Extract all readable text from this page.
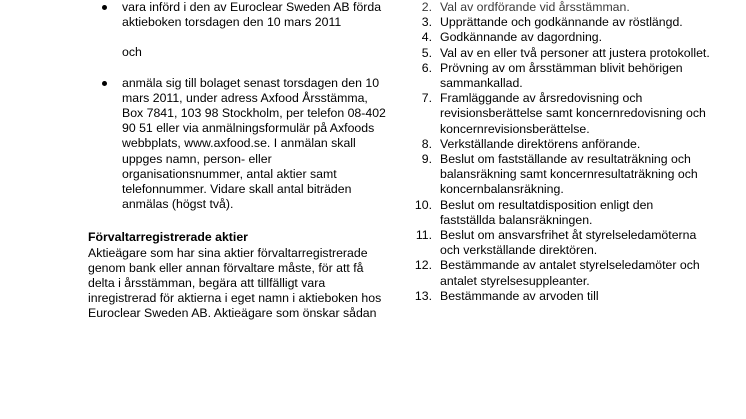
vara införd i den av Euroclear Sweden AB förda aktieboken torsdagen den 10 mars 2011
och
anmäla sig till bolaget senast torsdagen den 10 mars 2011, under adress Axfood Årsstämma, Box 7841, 103 98 Stockholm, per telefon 08-402 90 51 eller via anmälningsformulär på Axfoods webbplats, www.axfood.se. I anmälan skall uppges namn, person- eller organisationsnummer, antal aktier samt telefonnummer. Vidare skall antal biträden anmälas (högst två).
Förvaltarregistrerade aktier

Aktieägare som har sina aktier förvaltarregistrerade genom bank eller annan förvaltare måste, för att få delta i årsstämman, begära att tillfälligt vara inregistrerad för aktierna i eget namn i aktieboken hos Euroclear Sweden AB. Aktieägare som önskar sådan

2. Val av ordförande vid årsstämman.
3. Upprättande och godkännande av röstlängd.
4. Godkännande av dagordning.
5. Val av en eller två personer att justera protokollet.
6. Prövning av om årsstämman blivit behörigen sammankallad.
7. Framläggande av årsredovisning och revisionsberättelse samt koncernredovisning och koncernrevisionsberättelse.
8. Verkställande direktörens anförande.
9. Beslut om fastställande av resultaträkning och balansräkning samt koncernresultaträkning och koncernbalansräkning.
10. Beslut om resultatdisposition enligt den fastställda balansräkningen.
11. Beslut om ansvarsfrihet åt styrelseledamöterna och verkställande direktören.
12. Bestämmande av antalet styrelseledamöter och antalet styrelsesuppleanter.
13. Bestämmande av arvoden till
